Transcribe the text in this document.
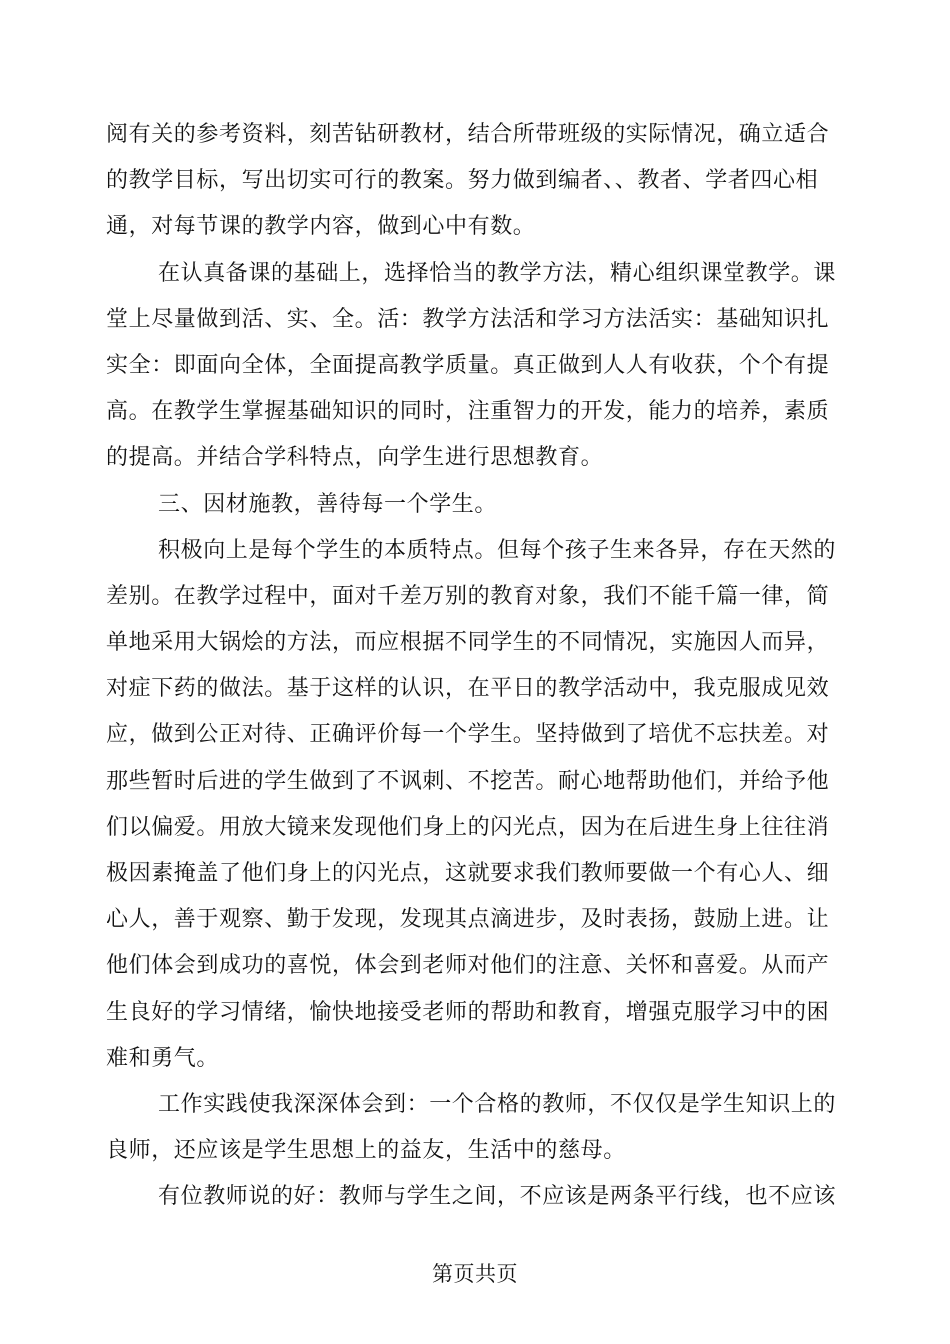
阅有关的参考资料，刻苦钻研教材，结合所带班级的实际情况，确立适合
的教学目标，写出切实可行的教案。努力做到编者、、教者、学者四心相
通，对每节课的教学内容，做到心中有数。
在认真备课的基础上，选择恰当的教学方法，精心组织课堂教学。课
堂上尽量做到活、实、全。活：教学方法活和学习方法活实：基础知识扎
实全：即面向全体，全面提高教学质量。真正做到人人有收获，个个有提
高。在教学生掌握基础知识的同时，注重智力的开发，能力的培养，素质
的提高。并结合学科特点，向学生进行思想教育。
三、因材施教，善待每一个学生。
积极向上是每个学生的本质特点。但每个孩子生来各异，存在天然的
差别。在教学过程中，面对千差万别的教育对象，我们不能千篇一律，简
单地采用大锅烩的方法，而应根据不同学生的不同情况，实施因人而异，
对症下药的做法。基于这样的认识，在平日的教学活动中，我克服成见效
应，做到公正对待、正确评价每一个学生。坚持做到了培优不忘扶差。对
那些暂时后进的学生做到了不讽刺、不挖苦。耐心地帮助他们，并给予他
们以偏爱。用放大镜来发现他们身上的闪光点，因为在后进生身上往往消
极因素掩盖了他们身上的闪光点，这就要求我们教师要做一个有心人、细
心人，善于观察、勤于发现，发现其点滴进步，及时表扬，鼓励上进。让
他们体会到成功的喜悦，体会到老师对他们的注意、关怀和喜爱。从而产
生良好的学习情绪，愉快地接受老师的帮助和教育，增强克服学习中的困
难和勇气。
工作实践使我深深体会到：一个合格的教师，不仅仅是学生知识上的
良师，还应该是学生思想上的益友，生活中的慈母。
有位教师说的好：教师与学生之间，不应该是两条平行线，也不应该
第页共页
